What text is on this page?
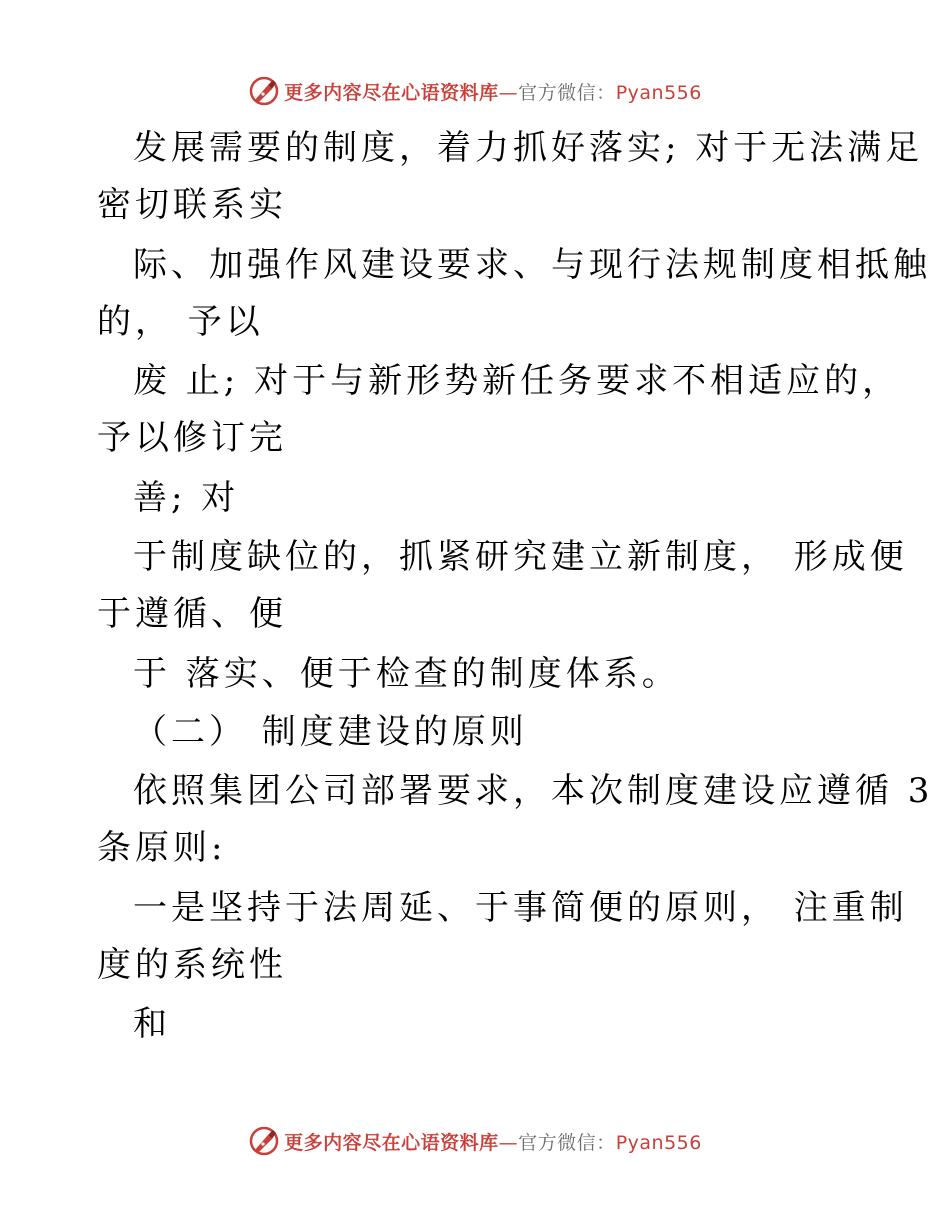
更多内容尽在心语资料库—官方微信：Pyan556
发展需要的制度，着力抓好落实; 对于无法满足
密切联系实
际、加强作风建设要求、与现行法规制度相抵触
的， 予以
废 止; 对于与新形势新任务要求不相适应的，
予以修订完
善; 对
于制度缺位的，抓紧研究建立新制度， 形成便
于遵循、便
于 落实、便于检查的制度体系。
（二） 制度建设的原则
依照集团公司部署要求，本次制度建设应遵循 3
条原则:
一是坚持于法周延、于事简便的原则， 注重制
度的系统性
和
更多内容尽在心语资料库—官方微信：Pyan556
